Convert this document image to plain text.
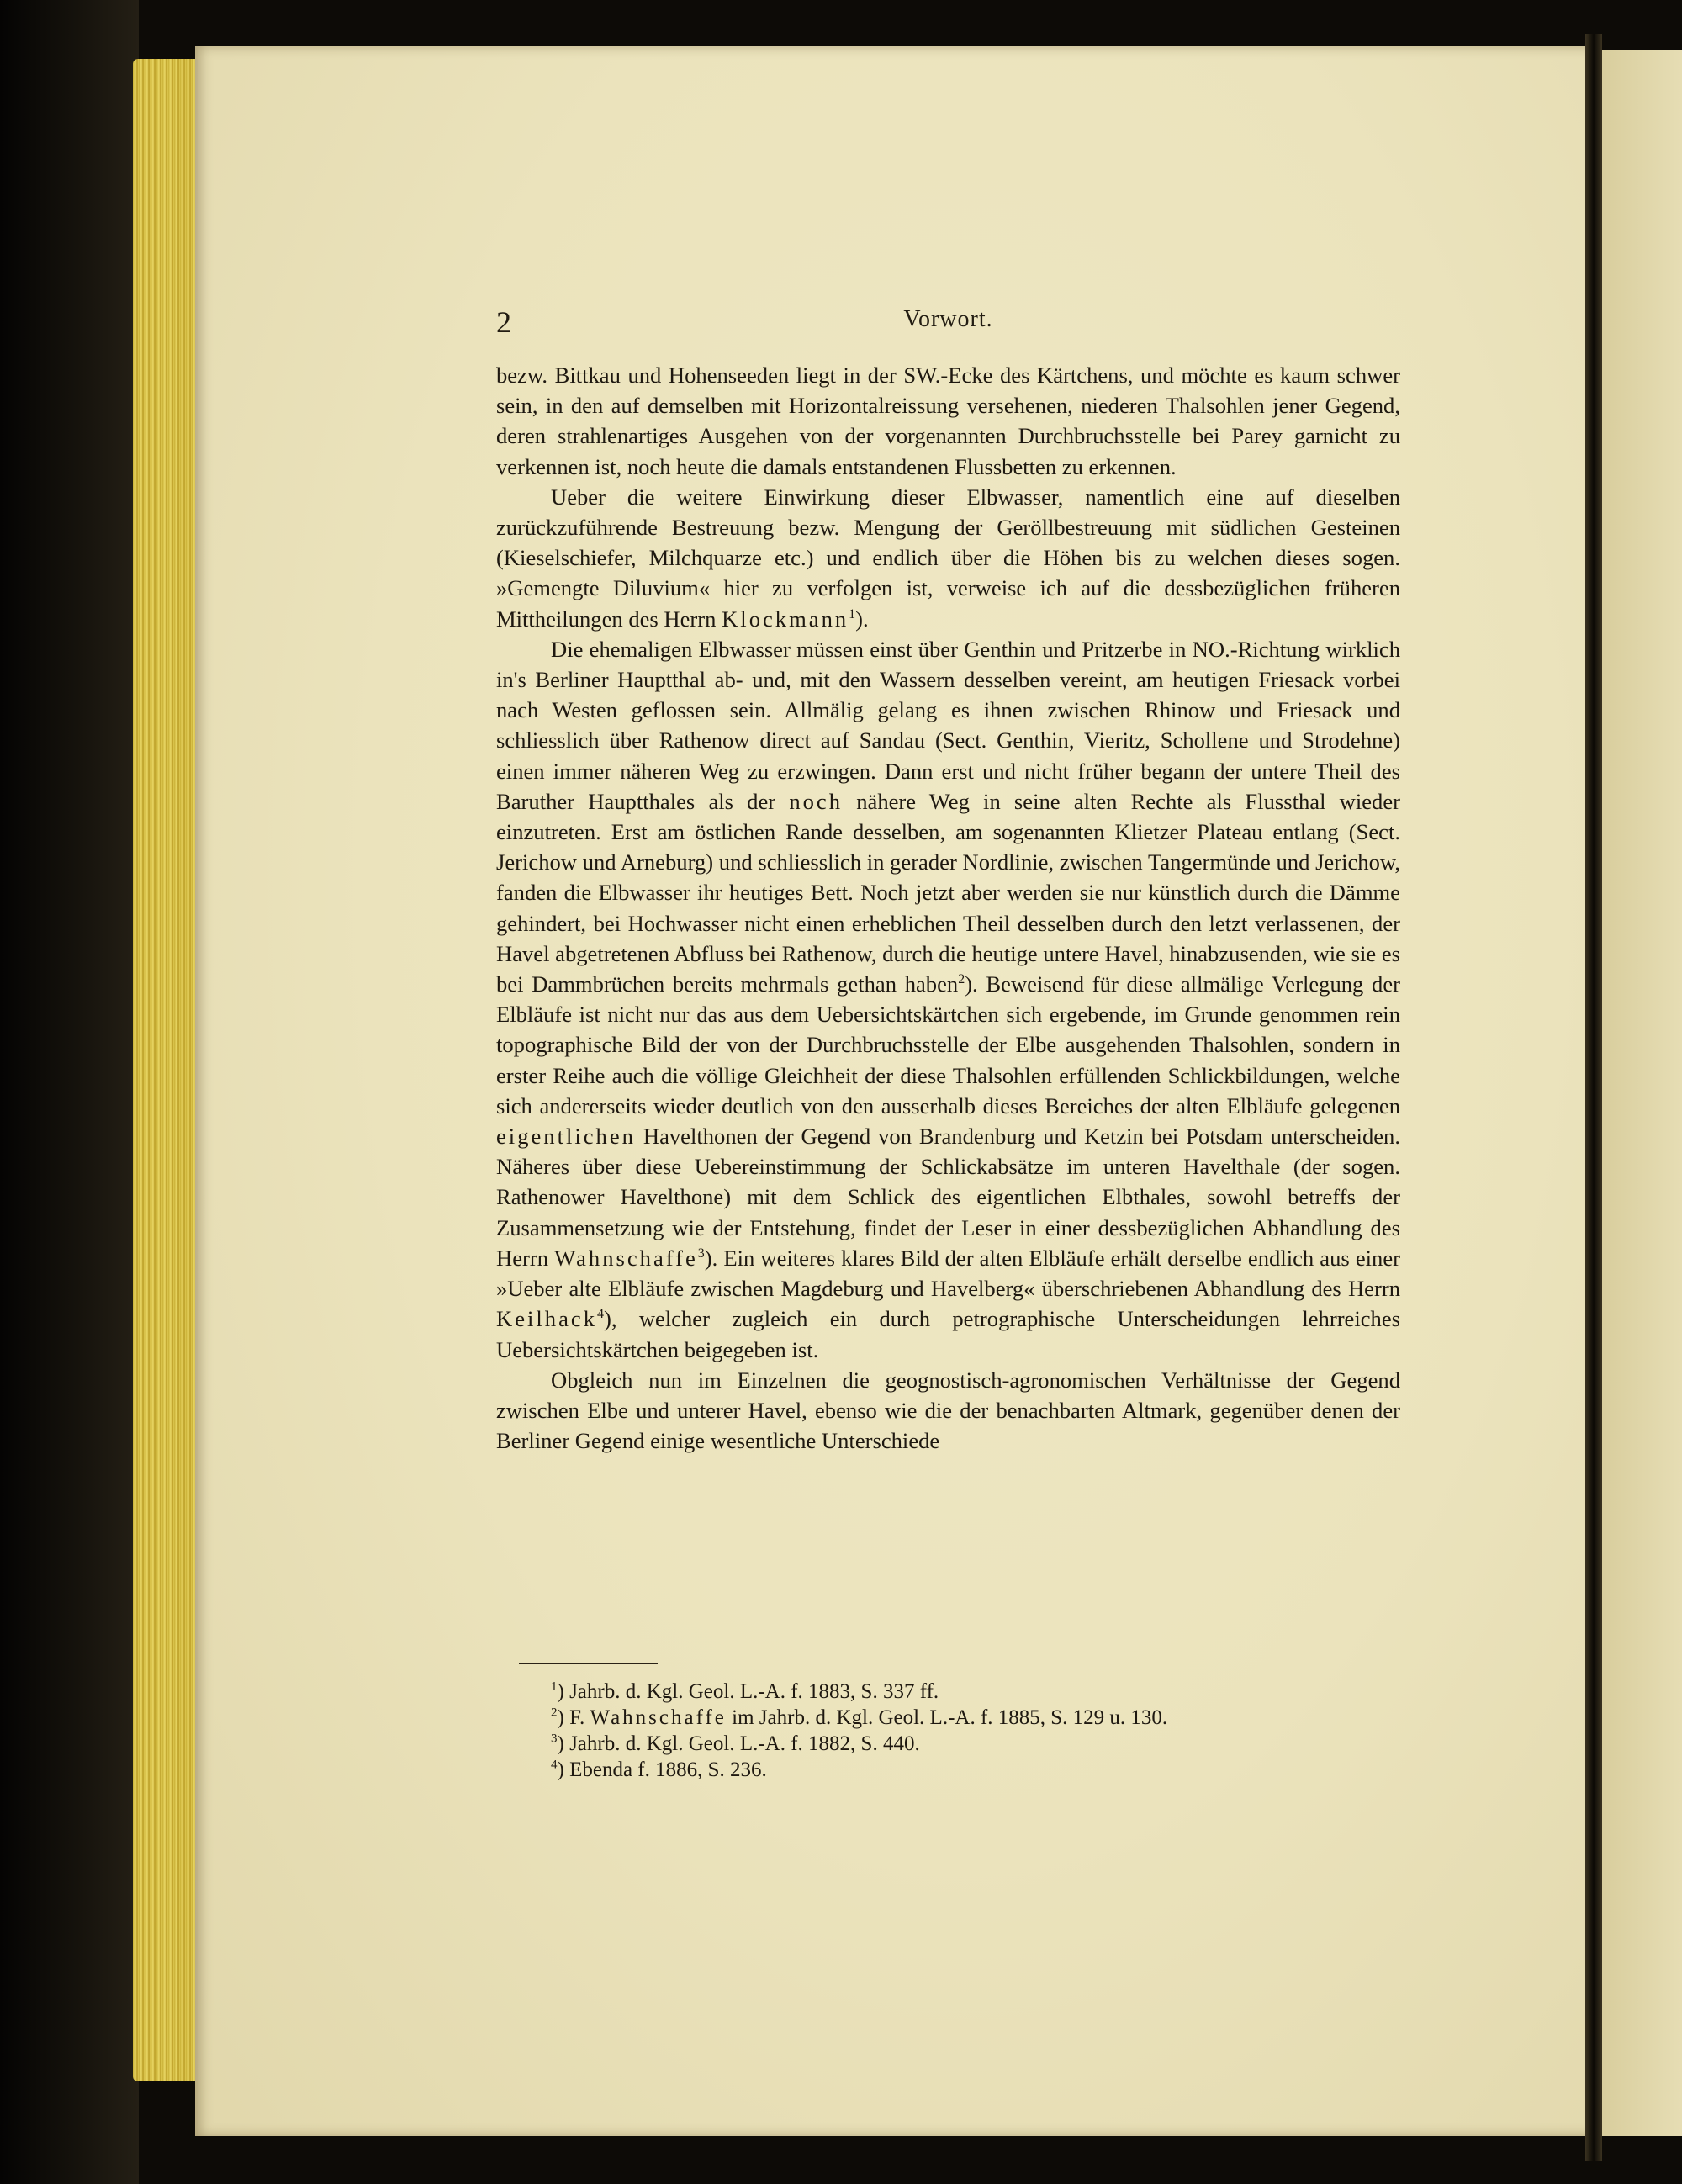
2	Vorwort.

bezw. Bittkau und Hohenseeden liegt in der SW.-Ecke des Kärtchens, und möchte es kaum schwer sein, in den auf demselben mit Horizontalreissung versehenen, niederen Thalsohlen jener Gegend, deren strahlenartiges Ausgehen von der vorgenannten Durchbruchsstelle bei Parey garnicht zu verkennen ist, noch heute die damals entstandenen Flussbetten zu erkennen.

Ueber die weitere Einwirkung dieser Elbwasser, namentlich eine auf dieselben zurückzuführende Bestreuung bezw. Mengung der Geröllbestreuung mit südlichen Gesteinen (Kieselschiefer, Milchquarze etc.) und endlich über die Höhen bis zu welchen dieses sogen. »Gemengte Diluvium« hier zu verfolgen ist, verweise ich auf die dessbezüglichen früheren Mittheilungen des Herrn Klockmann$^1$).

Die ehemaligen Elbwasser müssen einst über Genthin und Pritzerbe in NO.-Richtung wirklich in's Berliner Hauptthal ab- und, mit den Wassern desselben vereint, am heutigen Friesack vorbei nach Westen geflossen sein. Allmälig gelang es ihnen zwischen Rhinow und Friesack und schliesslich über Rathenow direct auf Sandau (Sect. Genthin, Vieritz, Schollene und Strodehne) einen immer näheren Weg zu erzwingen. Dann erst und nicht früher begann der untere Theil des Baruther Hauptthales als der noch nähere Weg in seine alten Rechte als Flussthal wieder einzutreten. Erst am östlichen Rande desselben, am sogenannten Klietzer Plateau entlang (Sect. Jerichow und Arneburg) und schliesslich in gerader Nordlinie, zwischen Tangermünde und Jerichow, fanden die Elbwasser ihr heutiges Bett. Noch jetzt aber werden sie nur künstlich durch die Dämme gehindert, bei Hochwasser nicht einen erheblichen Theil desselben durch den letzt verlassenen, der Havel abgetretenen Abfluss bei Rathenow, durch die heutige untere Havel, hinabzusenden, wie sie es bei Dammbrüchen bereits mehrmals gethan haben$^2$). Beweisend für diese allmälige Verlegung der Elbläufe ist nicht nur das aus dem Uebersichtskärtchen sich ergebende, im Grunde genommen rein topographische Bild der von der Durchbruchsstelle der Elbe ausgehenden Thalsohlen, sondern in erster Reihe auch die völlige Gleichheit der diese Thalsohlen erfüllenden Schlickbildungen, welche sich andererseits wieder deutlich von den ausserhalb dieses Bereiches der alten Elbläufe gelegenen eigentlichen Havelthonen der Gegend von Brandenburg und Ketzin bei Potsdam unterscheiden. Näheres über diese Uebereinstimmung der Schlickabsätze im unteren Havelthale (der sogen. Rathenower Havelthone) mit dem Schlick des eigentlichen Elbthales, sowohl betreffs der Zusammensetzung wie der Entstehung, findet der Leser in einer dessbezüglichen Abhandlung des Herrn Wahnschaffe$^3$). Ein weiteres klares Bild der alten Elbläufe erhält derselbe endlich aus einer »Ueber alte Elbläufe zwischen Magdeburg und Havelberg« überschriebenen Abhandlung des Herrn Keilhack$^4$), welcher zugleich ein durch petrographische Unterscheidungen lehrreiches Uebersichtskärtchen beigegeben ist.

Obgleich nun im Einzelnen die geognostisch-agronomischen Verhältnisse der Gegend zwischen Elbe und unterer Havel, ebenso wie die der benachbarten Altmark, gegenüber denen der Berliner Gegend einige wesentliche Unterschiede

$^1$) Jahrb. d. Kgl. Geol. L.-A. f. 1883, S. 337 ff.
$^2$) F. Wahnschaffe im Jahrb. d. Kgl. Geol. L.-A. f. 1885, S. 129 u. 130.
$^3$) Jahrb. d. Kgl. Geol. L.-A. f. 1882, S. 440.
$^4$) Ebenda f. 1886, S. 236.
